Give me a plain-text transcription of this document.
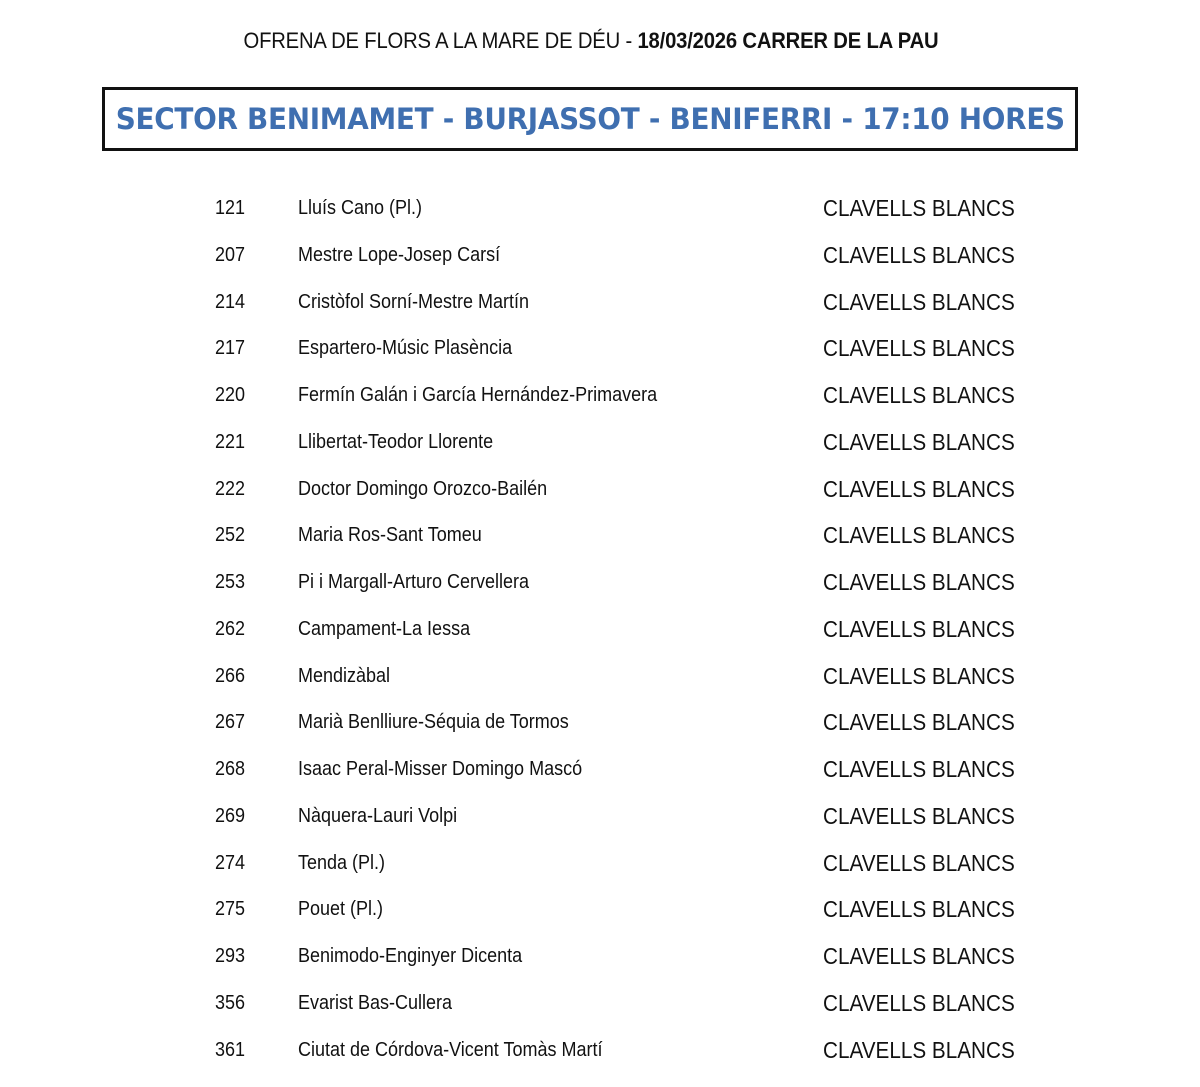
OFRENA DE FLORS A LA MARE DE DÉU - 18/03/2026 CARRER DE LA PAU
SECTOR BENIMAMET - BURJASSOT - BENIFERRI - 17:10 HORES
121	Lluís Cano (Pl.)	CLAVELLS BLANCS
207	Mestre Lope-Josep Carsí	CLAVELLS BLANCS
214	Cristòfol Sorní-Mestre Martín	CLAVELLS BLANCS
217	Espartero-Músic Plasència	CLAVELLS BLANCS
220	Fermín Galán i García Hernández-Primavera	CLAVELLS BLANCS
221	Llibertat-Teodor Llorente	CLAVELLS BLANCS
222	Doctor Domingo Orozco-Bailén	CLAVELLS BLANCS
252	Maria Ros-Sant Tomeu	CLAVELLS BLANCS
253	Pi i Margall-Arturo Cervellera	CLAVELLS BLANCS
262	Campament-La Iessa	CLAVELLS BLANCS
266	Mendizàbal	CLAVELLS BLANCS
267	Marià Benlliure-Séquia de Tormos	CLAVELLS BLANCS
268	Isaac Peral-Misser Domingo Mascó	CLAVELLS BLANCS
269	Nàquera-Lauri Volpi	CLAVELLS BLANCS
274	Tenda (Pl.)	CLAVELLS BLANCS
275	Pouet (Pl.)	CLAVELLS BLANCS
293	Benimodo-Enginyer Dicenta	CLAVELLS BLANCS
356	Evarist Bas-Cullera	CLAVELLS BLANCS
361	Ciutat de Córdova-Vicent Tomàs Martí	CLAVELLS BLANCS
